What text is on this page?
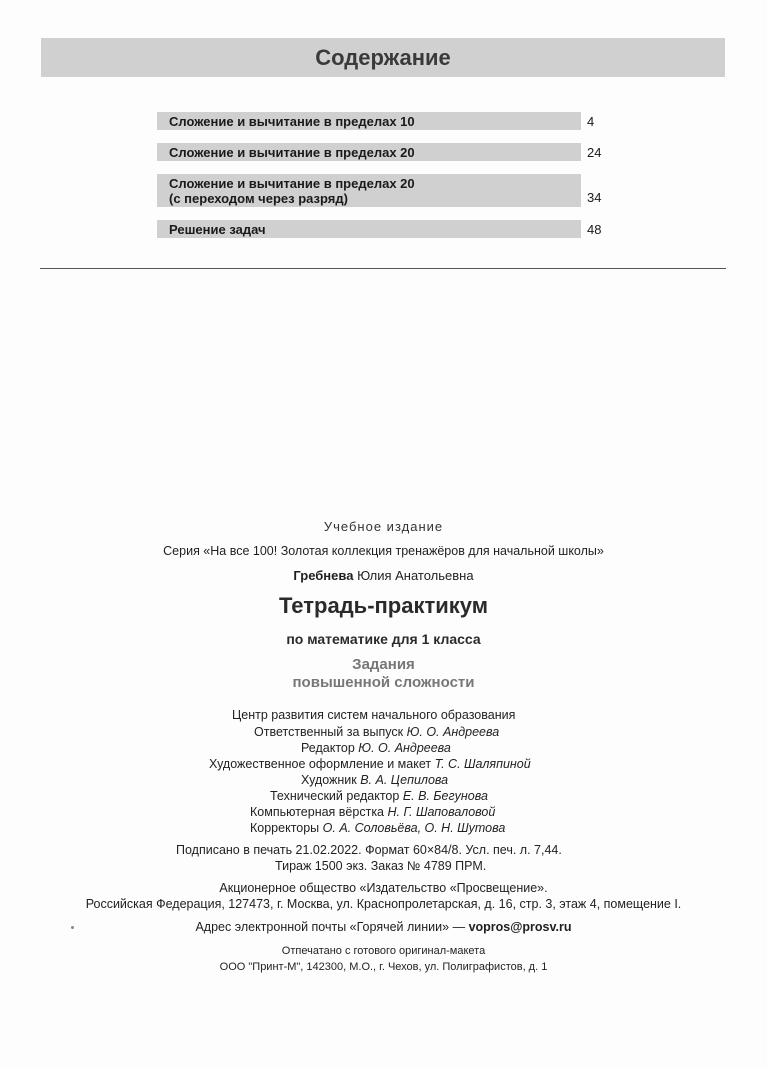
Содержание
Сложение и вычитание в пределах 10	4
Сложение и вычитание в пределах 20	24
Сложение и вычитание в пределах 20
(с переходом через разряд)	34
Решение задач	48
Учебное издание
Серия «На все 100! Золотая коллекция тренажёров для начальной школы»
Гребнева Юлия Анатольевна
Тетрадь-практикум
по математике для 1 класса
Задания
повышенной сложности
Центр развития систем начального образования
Ответственный за выпуск Ю. О. Андреева
Редактор Ю. О. Андреева
Художественное оформление и макет Т. С. Шаляпиной
Художник В. А. Цепилова
Технический редактор Е. В. Бегунова
Компьютерная вёрстка Н. Г. Шаповаловой
Корректоры О. А. Соловьёва, О. Н. Шутова
Подписано в печать 21.02.2022. Формат 60×84/8. Усл. печ. л. 7,44.
Тираж 1500 экз. Заказ № 4789 ПРМ.
Акционерное общество «Издательство «Просвещение».
Российская Федерация, 127473, г. Москва, ул. Краснопролетарская, д. 16, стр. 3, этаж 4, помещение I.
Адрес электронной почты «Горячей линии» — vopros@prosv.ru
Отпечатано с готового оригинал-макета
ООО "Принт-М", 142300, М.О., г. Чехов, ул. Полиграфистов, д. 1
